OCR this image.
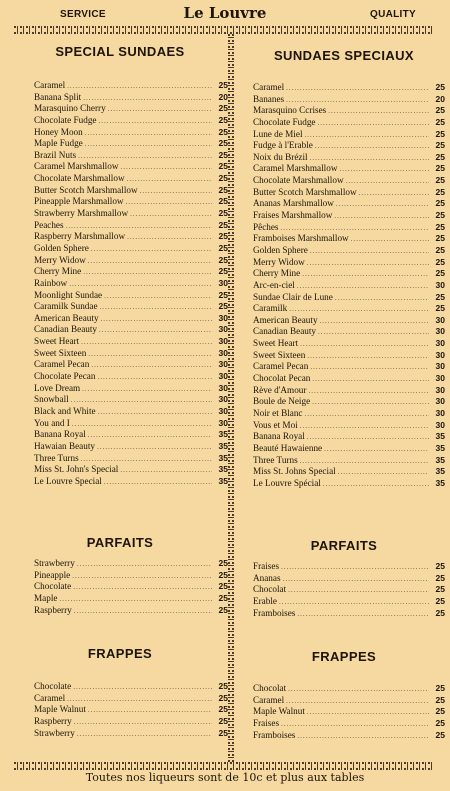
SERVICE	Le Louvre	QUALITY
SPECIAL SUNDAES
Caramel .....	25
Banana Split .....	20
Marasquino Cherry .....	25
Chocolate Fudge .....	25
Honey Moon .....	25
Maple Fudge .....	25
Brazil Nuts .....	25
Caramel Marshmallow .....	25
Chocolate Marshmallow .....	25
Butter Scotch Marshmallow .....	25
Pineapple Marshmallow .....	25
Strawberry Marshmallow .....	25
Peaches .....	25
Raspberry Marshmallow .....	25
Golden Sphere .....	25
Merry Widow .....	25
Cherry Mine .....	25
Rainbow .....	30
Moonlight Sundae .....	25
Caramilk Sundae .....	25
American Beauty .....	30
Canadian Beauty .....	30
Sweet Heart .....	30
Sweet Sixteen .....	30
Caramel Pecan .....	30
Chocolate Pecan .....	30
Love Dream .....	30
Snowball .....	30
Black and White .....	30
You and I .....	30
Banana Royal .....	35
Hawaian Beauty .....	35
Three Turns .....	35
Miss St. John's Special .....	35
Le Louvre Special .....	35
PARFAITS
Strawberry .....	25
Pineapple .....	25
Chocolate .....	25
Maple .....	25
Raspberry .....	25
FRAPPES
Chocolate .....	25
Caramel .....	25
Maple Walnut .....	25
Raspberry .....	25
Strawberry .....	25
SUNDAES SPECIAUX
Caramel .....	25
Bananes .....	20
Marasquino Ccrises .....	25
Chocolate Fudge .....	25
Lune de Miel .....	25
Fudge à l'Erable .....	25
Noix du Brézil .....	25
Caramel Marshmallow .....	25
Chocolate Marshmallow .....	25
Butter Scotch Marshmallow .....	25
Ananas Marshmallow .....	25
Fraises Marshmallow .....	25
Pêches .....	25
Framboises Marshmallow .....	25
Golden Sphere .....	25
Merry Widow .....	25
Cherry Mine .....	25
Arc-en-ciel .....	30
Sundae Clair de Lune .....	25
Caramilk .....	25
American Beauty .....	30
Canadian Beauty .....	30
Sweet Heart .....	30
Sweet Sixteen .....	30
Caramel Pecan .....	30
Chocolat Pecan .....	30
Rève d'Amour .....	30
Boule de Neige .....	30
Noir et Blanc .....	30
Vous et Moi .....	30
Banana Royal .....	35
Beauté Hawaienne .....	35
Three Turns .....	35
Miss St. Johns Special .....	35
Le Louvre Spécial .....	35
PARFAITS
Fraises .....	25
Ananas .....	25
Chocolat .....	25
Erable .....	25
Framboises .....	25
FRAPPES
Chocolat .....	25
Caramel .....	25
Maple Walnut .....	25
Fraises .....	25
Framboises .....	25
Toutes nos liqueurs sont de 10c et plus aux tables
